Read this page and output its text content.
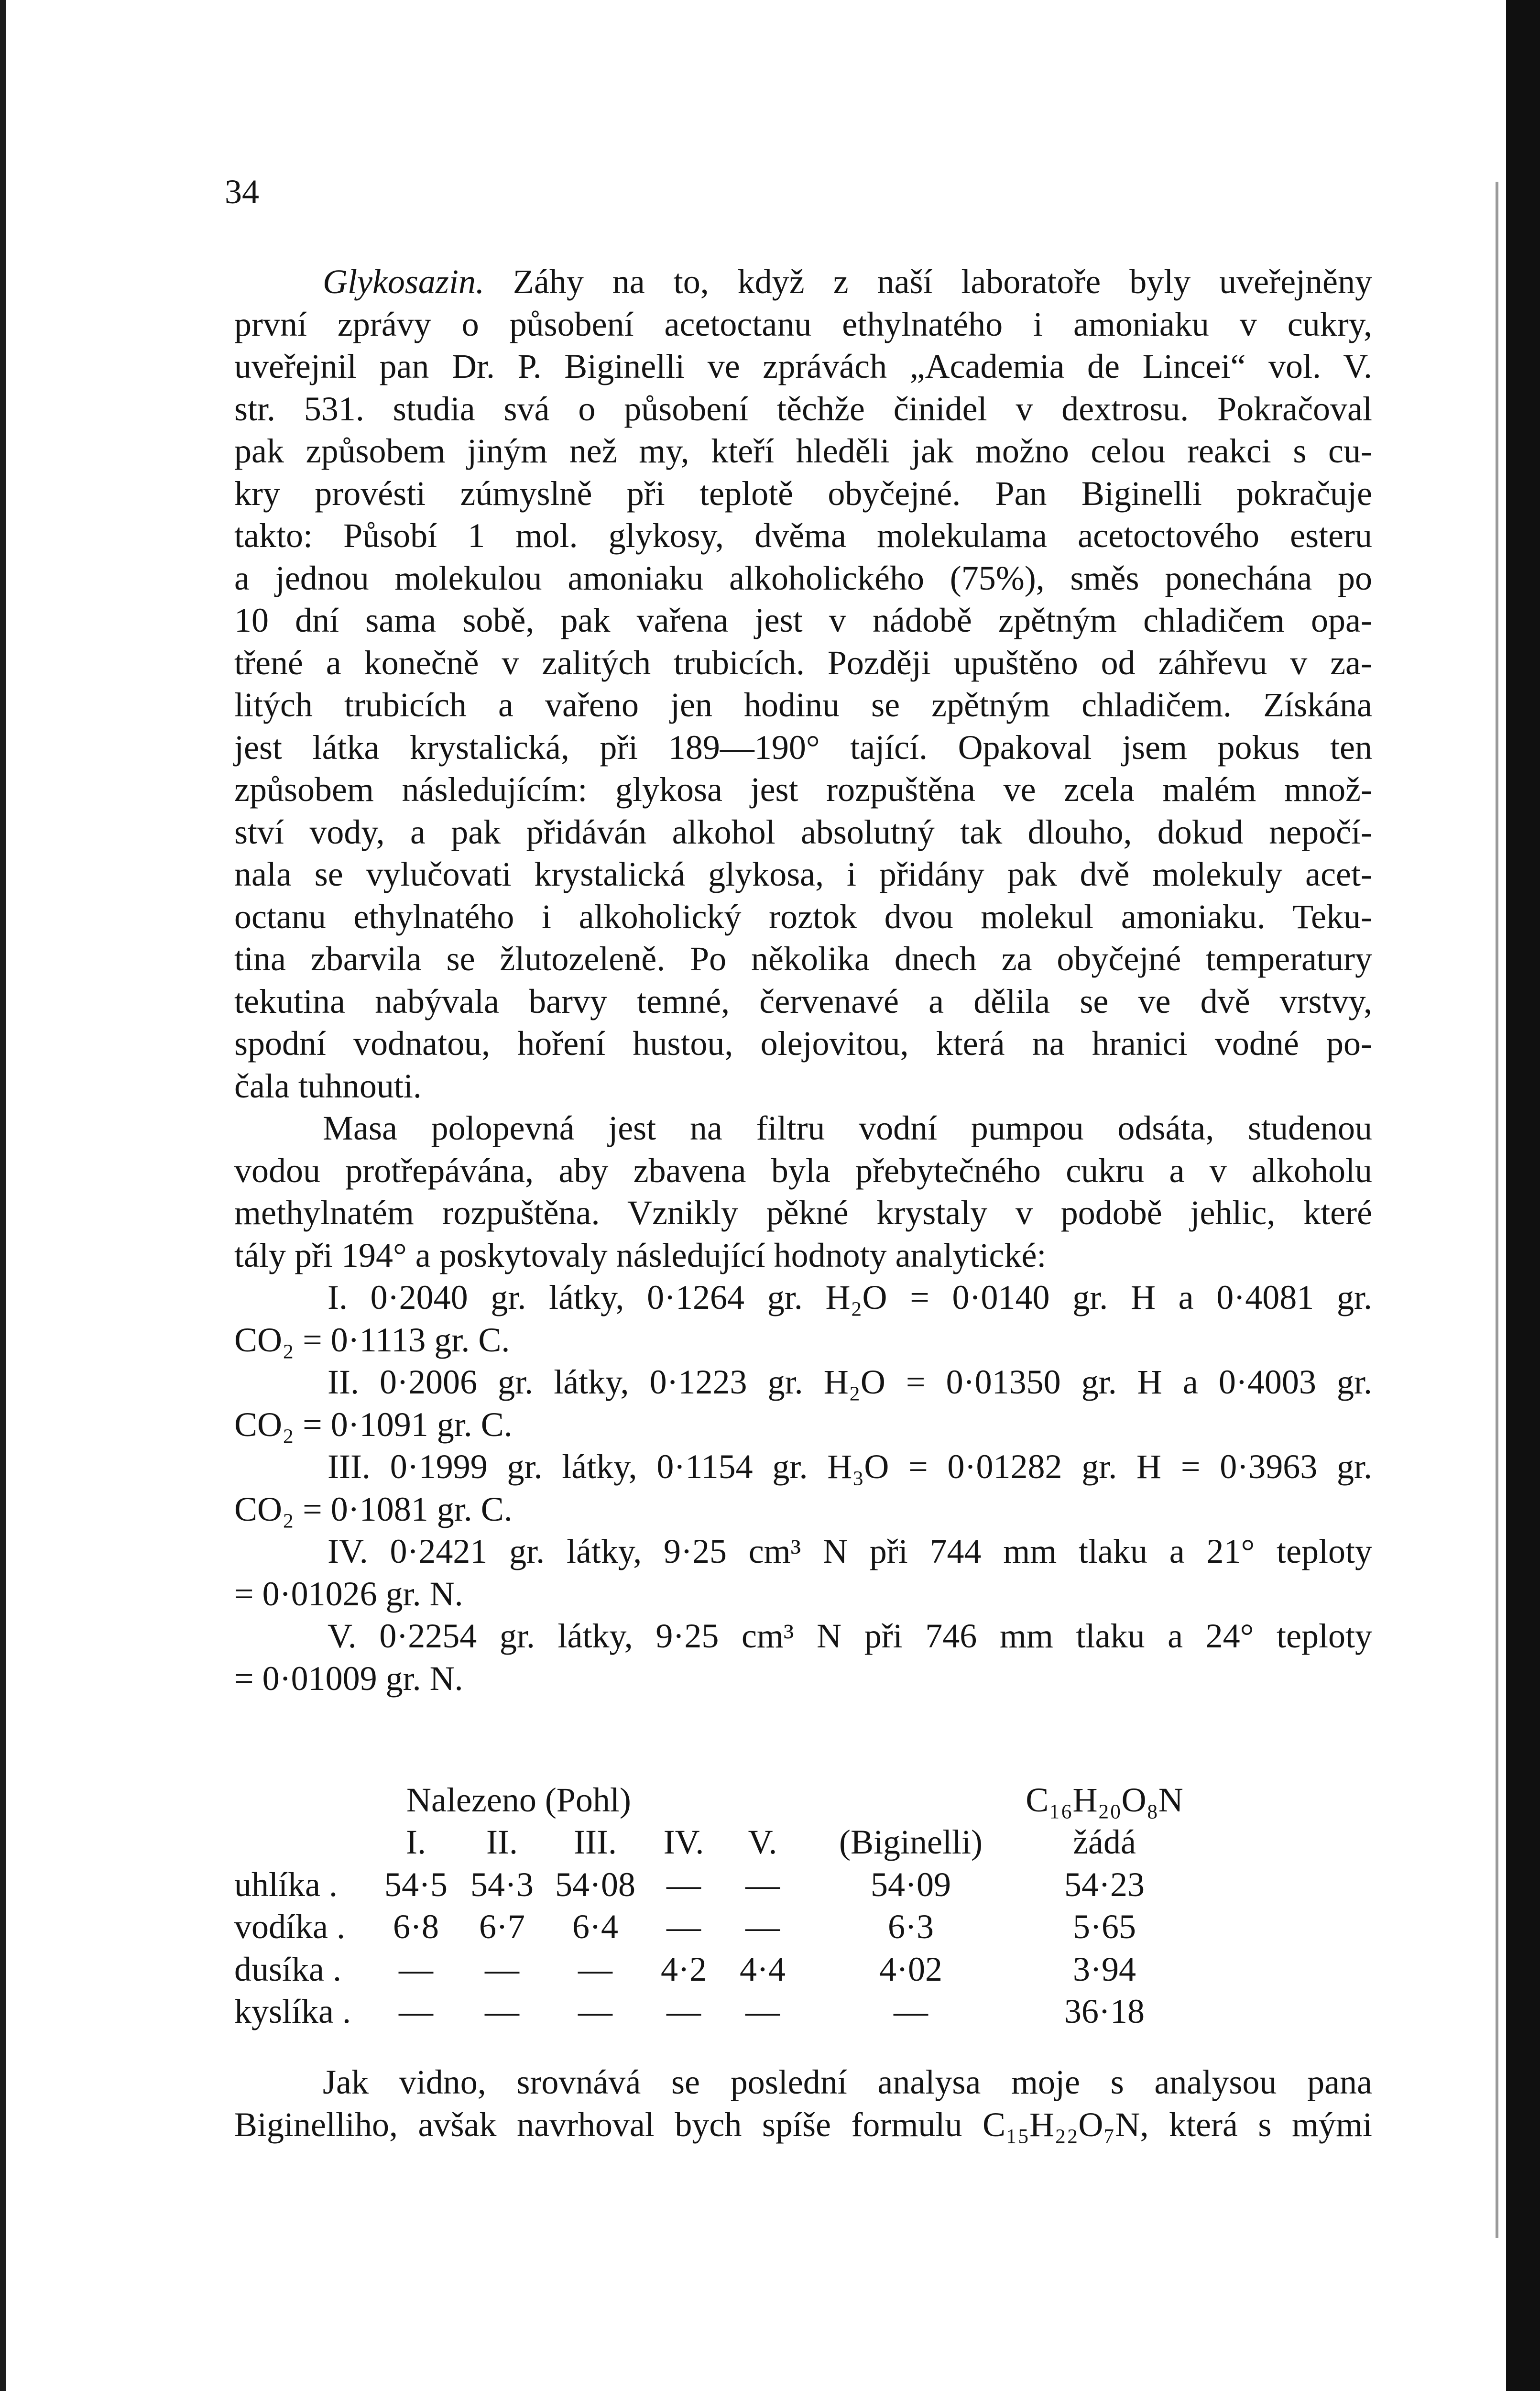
34
Glykosazin. Záhy na to, když z naší laboratoře byly uveřejněny
první zprávy o působení acetoctanu ethylnatého i amoniaku v cukry,
uveřejnil pan Dr. P. Biginelli ve zprávách „Academia de Lincei“ vol. V.
str. 531. studia svá o působení těchže činidel v dextrosu. Pokračoval
pak způsobem jiným než my, kteří hleděli jak možno celou reakci s cu-
kry provésti zúmyslně při teplotě obyčejné. Pan Biginelli pokračuje
takto: Působí 1 mol. glykosy, dvěma molekulama acetoctového esteru
a jednou molekulou amoniaku alkoholického (75%), směs ponechána po
10 dní sama sobě, pak vařena jest v nádobě zpětným chladičem opa-
třené a konečně v zalitých trubicích. Později upuštěno od záhřevu v za-
litých trubicích a vařeno jen hodinu se zpětným chladičem. Získána
jest látka krystalická, při 189—190° tající. Opakoval jsem pokus ten
způsobem následujícím: glykosa jest rozpuštěna ve zcela malém množ-
ství vody, a pak přidáván alkohol absolutný tak dlouho, dokud nepočí-
nala se vylučovati krystalická glykosa, i přidány pak dvě molekuly acet-
octanu ethylnatého i alkoholický roztok dvou molekul amoniaku. Teku-
tina zbarvila se žlutozeleně. Po několika dnech za obyčejné temperatury
tekutina nabývala barvy temné, červenavé a dělila se ve dvě vrstvy,
spodní vodnatou, hoření hustou, olejovitou, která na hranici vodné po-
čala tuhnouti.
Masa polopevná jest na filtru vodní pumpou odsáta, studenou
vodou protřepávána, aby zbavena byla přebytečného cukru a v alkoholu
methylnatém rozpuštěna. Vznikly pěkné krystaly v podobě jehlic, které
tály při 194° a poskytovaly následující hodnoty analytické:
I. 0·2040 gr. látky, 0·1264 gr. H₂O = 0·0140 gr. H a 0·4081 gr.
CO₂ = 0·1113 gr. C.
II. 0·2006 gr. látky, 0·1223 gr. H₂O = 0·01350 gr. H a 0·4003 gr.
CO₂ = 0·1091 gr. C.
III. 0·1999 gr. látky, 0·1154 gr. H₃O = 0·01282 gr. H = 0·3963 gr.
CO₂ = 0·1081 gr. C.
IV. 0·2421 gr. látky, 9·25 cm³ N při 744 mm tlaku a 21° teploty
= 0·01026 gr. N.
V. 0·2254 gr. látky, 9·25 cm³ N při 746 mm tlaku a 24° teploty
= 0·01009 gr. N.
	Nalezeno (Pohl)						C₁₆H₂₀O₈N
	I.	II.	III.	IV.	V.	(Biginelli)	žádá
uhlíka .	54·5	54·3	54·08	—	—	54·09	54·23
vodíka .	6·8	6·7	6·4	—	—	6·3	5·65
dusíka .	—	—	—	4·2	4·4	4·02	3·94
kyslíka .	—	—	—	—	—	—	36·18
Jak vidno, srovnává se poslední analysa moje s analysou pana
Biginelliho, avšak navrhoval bych spíše formulu C₁₅H₂₂O₇N, která s mými
